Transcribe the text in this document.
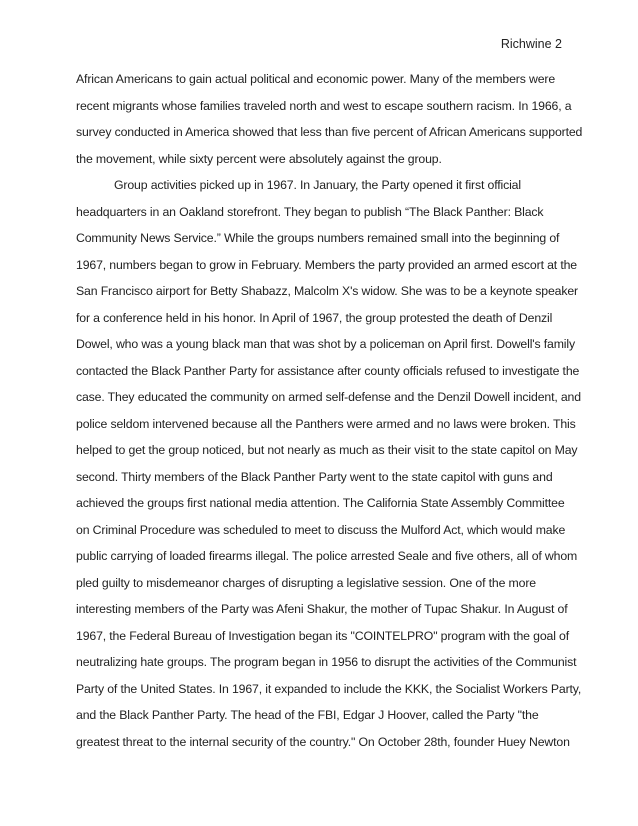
Richwine 2
African Americans to gain actual political and economic power. Many of the members were
recent migrants whose families traveled north and west to escape southern racism. In 1966, a
survey conducted in America showed that less than five percent of African Americans supported
the movement, while sixty percent were absolutely against the group.
Group activities picked up in 1967. In January, the Party opened it first official
headquarters in an Oakland storefront. They began to publish “The Black Panther: Black
Community News Service.” While the groups numbers remained small into the beginning of
1967, numbers began to grow in February. Members the party provided an armed escort at the
San Francisco airport for Betty Shabazz, Malcolm X's widow. She was to be a keynote speaker
for a conference held in his honor. In April of 1967, the group protested the death of Denzil
Dowel, who was a young black man that was shot by a policeman on April first. Dowell's family
contacted the Black Panther Party for assistance after county officials refused to investigate the
case. They educated the community on armed self-defense and the Denzil Dowell incident, and
police seldom intervened because all the Panthers were armed and no laws were broken. This
helped to get the group noticed, but not nearly as much as their visit to the state capitol on May
second. Thirty members of the Black Panther Party went to the state capitol with guns and
achieved the groups first national media attention. The California State Assembly Committee
on Criminal Procedure was scheduled to meet to discuss the Mulford Act, which would make
public carrying of loaded firearms illegal. The police arrested Seale and five others, all of whom
pled guilty to misdemeanor charges of disrupting a legislative session. One of the more
interesting members of the Party was Afeni Shakur, the mother of Tupac Shakur. In August of
1967, the Federal Bureau of Investigation began its "COINTELPRO" program with the goal of
neutralizing hate groups. The program began in 1956 to disrupt the activities of the Communist
Party of the United States. In 1967, it expanded to include the KKK, the Socialist Workers Party,
and the Black Panther Party. The head of the FBI, Edgar J Hoover, called the Party "the
greatest threat to the internal security of the country." On October 28th, founder Huey Newton
